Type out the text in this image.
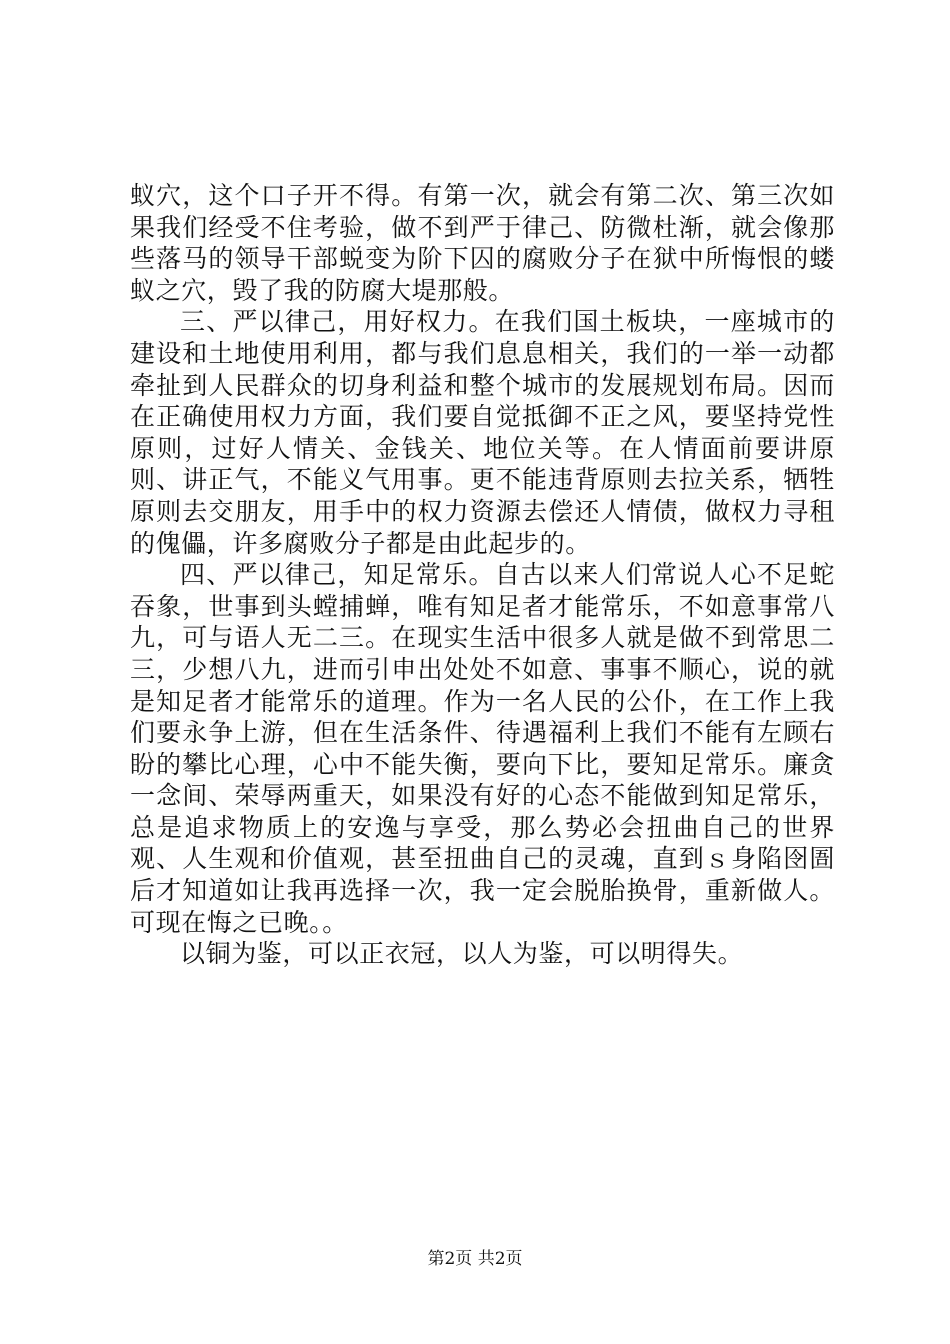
蚁穴，这个口子开不得。有第一次，就会有第二次、第三次如果我们经受不住考验，做不到严于律己、防微杜渐，就会像那些落马的领导干部蜕变为阶下囚的腐败分子在狱中所悔恨的蝼蚁之穴，毁了我的防腐大堤那般。

三、严以律己，用好权力。在我们国土板块，一座城市的建设和土地使用利用，都与我们息息相关，我们的一举一动都牵扯到人民群众的切身利益和整个城市的发展规划布局。因而在正确使用权力方面，我们要自觉抵御不正之风，要坚持党性原则，过好人情关、金钱关、地位关等。在人情面前要讲原则、讲正气，不能义气用事。更不能违背原则去拉关系，牺牲原则去交朋友，用手中的权力资源去偿还人情债，做权力寻租的傀儡，许多腐败分子都是由此起步的。

四、严以律己，知足常乐。自古以来人们常说人心不足蛇吞象，世事到头螳捕蝉，唯有知足者才能常乐，不如意事常八九，可与语人无二三。在现实生活中很多人就是做不到常思二三，少想八九，进而引申出处处不如意、事事不顺心，说的就是知足者才能常乐的道理。作为一名人民的公仆，在工作上我们要永争上游，但在生活条件、待遇福利上我们不能有左顾右盼的攀比心理，心中不能失衡，要向下比，要知足常乐。廉贪一念间、荣辱两重天，如果没有好的心态不能做到知足常乐，总是追求物质上的安逸与享受，那么势必会扭曲自己的世界观、人生观和价值观，甚至扭曲自己的灵魂，直到ｓ身陷囹圄后才知道如让我再选择一次，我一定会脱胎换骨，重新做人。可现在悔之已晚。。

以铜为鉴，可以正衣冠，以人为鉴，可以明得失。

第2页 共2页
